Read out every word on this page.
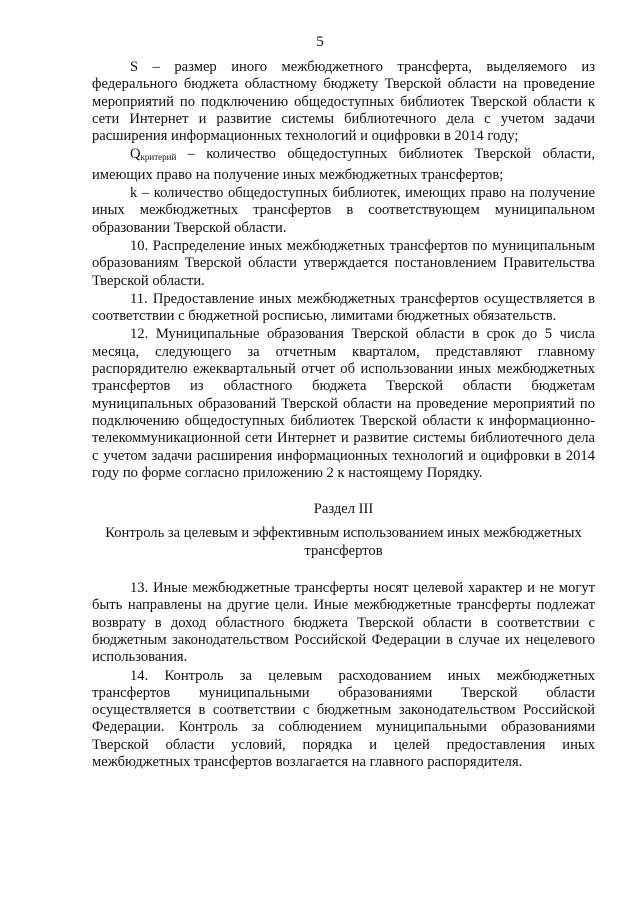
5

S – размер иного межбюджетного трансферта, выделяемого из федерального бюджета областному бюджету Тверской области на проведение мероприятий по подключению общедоступных библиотек Тверской области к сети Интернет и развитие системы библиотечного дела с учетом задачи расширения информационных технологий и оцифровки в 2014 году;

$Q_{критерий}$ – количество общедоступных библиотек Тверской области, имеющих право на получение иных межбюджетных трансфертов;

k – количество общедоступных библиотек, имеющих право на получение иных межбюджетных трансфертов в соответствующем муниципальном образовании Тверской области.

10. Распределение иных межбюджетных трансфертов по муниципальным образованиям Тверской области утверждается постановлением Правительства Тверской области.

11. Предоставление иных межбюджетных трансфертов осуществляется в соответствии с бюджетной росписью, лимитами бюджетных обязательств.

12. Муниципальные образования Тверской области в срок до 5 числа месяца, следующего за отчетным кварталом, представляют главному распорядителю ежеквартальный отчет об использовании иных межбюджетных трансфертов из областного бюджета Тверской области бюджетам муниципальных образований Тверской области на проведение мероприятий по подключению общедоступных библиотек Тверской области к информационно-телекоммуникационной сети Интернет и развитие системы библиотечного дела с учетом задачи расширения информационных технологий и оцифровки в 2014 году по форме согласно приложению 2 к настоящему Порядку.

Раздел III

Контроль за целевым и эффективным использованием иных межбюджетных трансфертов

13. Иные межбюджетные трансферты носят целевой характер и не могут быть направлены на другие цели. Иные межбюджетные трансферты подлежат возврату в доход областного бюджета Тверской области в соответствии с бюджетным законодательством Российской Федерации в случае их нецелевого использования.

14. Контроль за целевым расходованием иных межбюджетных трансфертов муниципальными образованиями Тверской области осуществляется в соответствии с бюджетным законодательством Российской Федерации. Контроль за соблюдением муниципальными образованиями Тверской области условий, порядка и целей предоставления иных межбюджетных трансфертов возлагается на главного распорядителя.
